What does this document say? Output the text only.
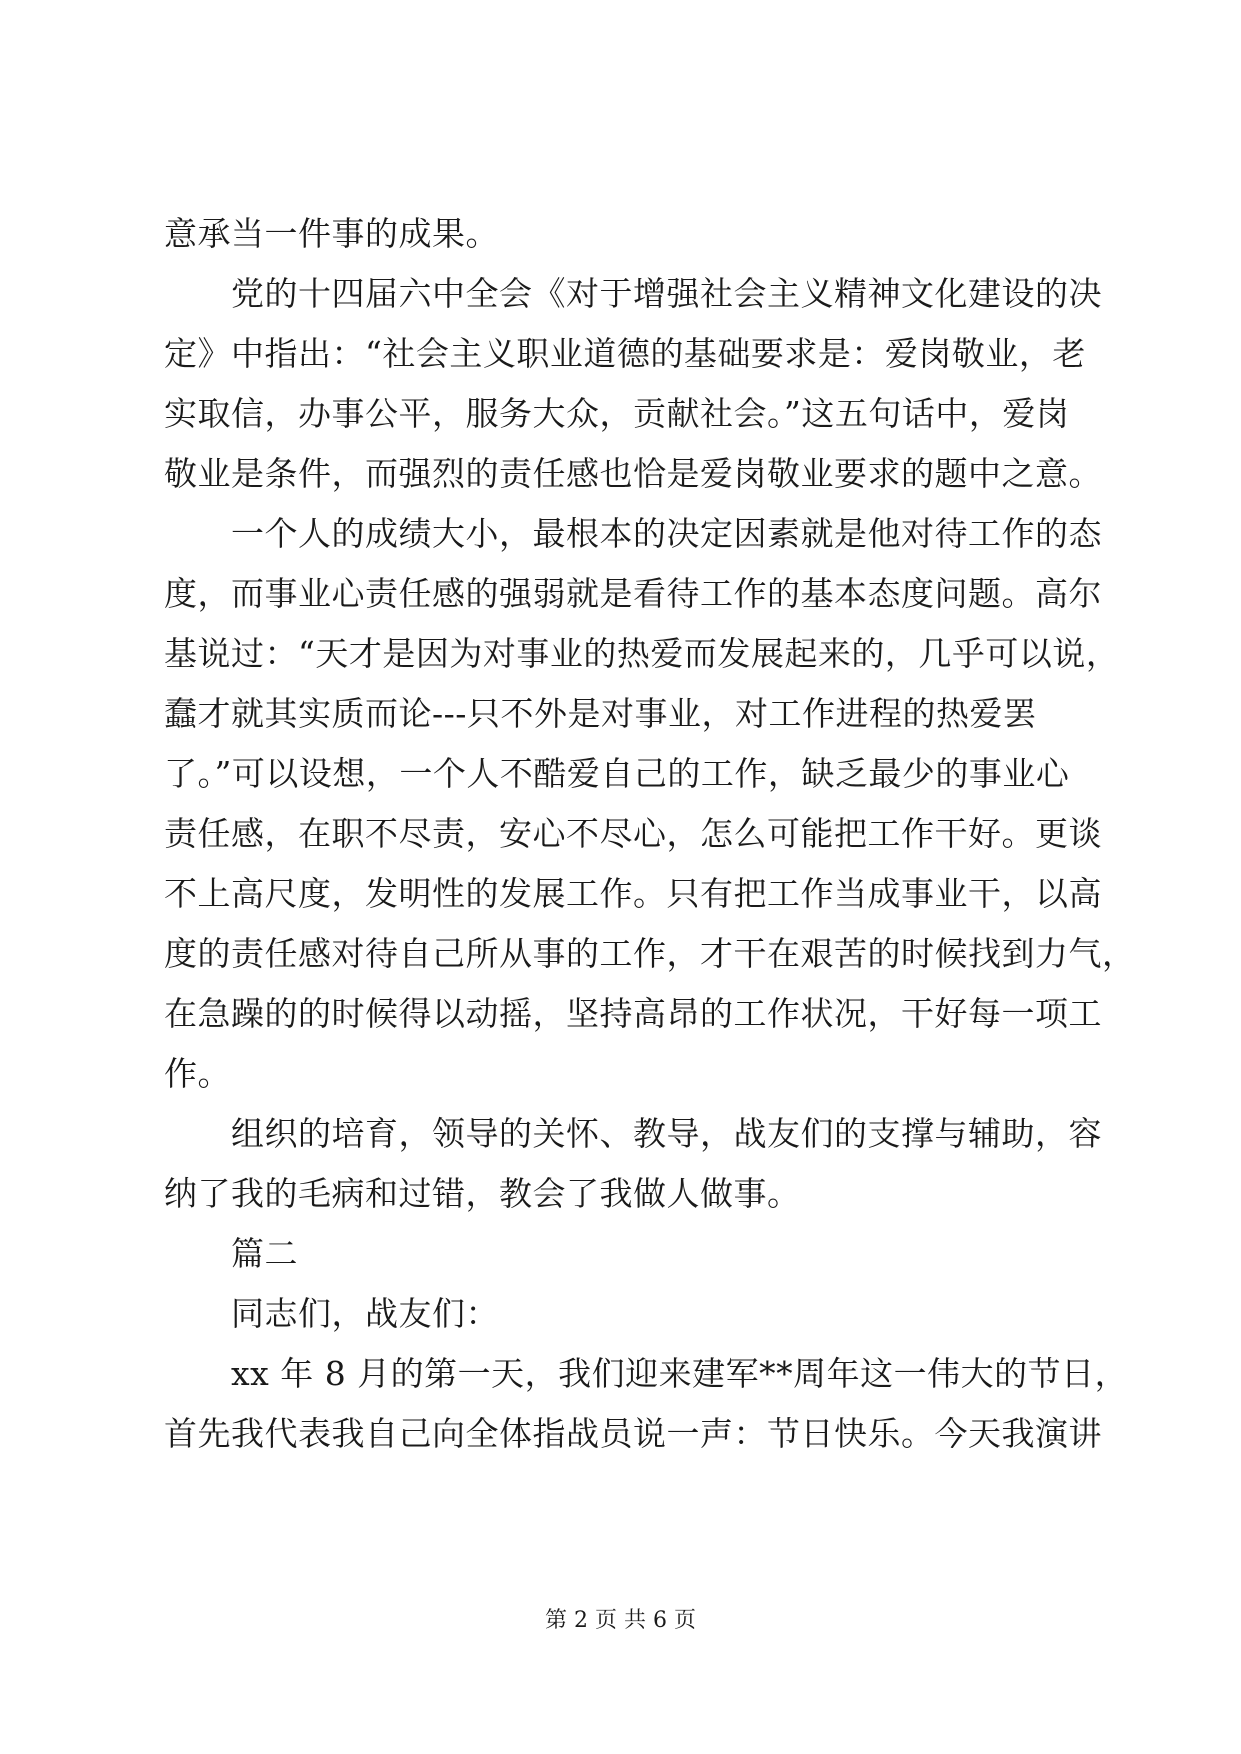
意承当一件事的成果。
党的十四届六中全会《对于增强社会主义精神文化建设的决
定》中指出：“社会主义职业道德的基础要求是：爱岗敬业，老
实取信，办事公平，服务大众，贡献社会。”这五句话中，爱岗
敬业是条件，而强烈的责任感也恰是爱岗敬业要求的题中之意。
一个人的成绩大小，最根本的决定因素就是他对待工作的态
度，而事业心责任感的强弱就是看待工作的基本态度问题。高尔
基说过：“天才是因为对事业的热爱而发展起来的，几乎可以说，
蠢才就其实质而论---只不外是对事业，对工作进程的热爱罢
了。”可以设想，一个人不酷爱自己的工作，缺乏最少的事业心
责任感，在职不尽责，安心不尽心，怎么可能把工作干好。更谈
不上高尺度，发明性的发展工作。只有把工作当成事业干，以高
度的责任感对待自己所从事的工作，才干在艰苦的时候找到力气，
在急躁的的时候得以动摇，坚持高昂的工作状况，干好每一项工
作。
组织的培育，领导的关怀、教导，战友们的支撑与辅助，容
纳了我的毛病和过错，教会了我做人做事。
篇二
同志们，战友们：
xx 年 8 月的第一天，我们迎来建军**周年这一伟大的节日，
首先我代表我自己向全体指战员说一声：节日快乐。今天我演讲
第 2 页 共 6 页
